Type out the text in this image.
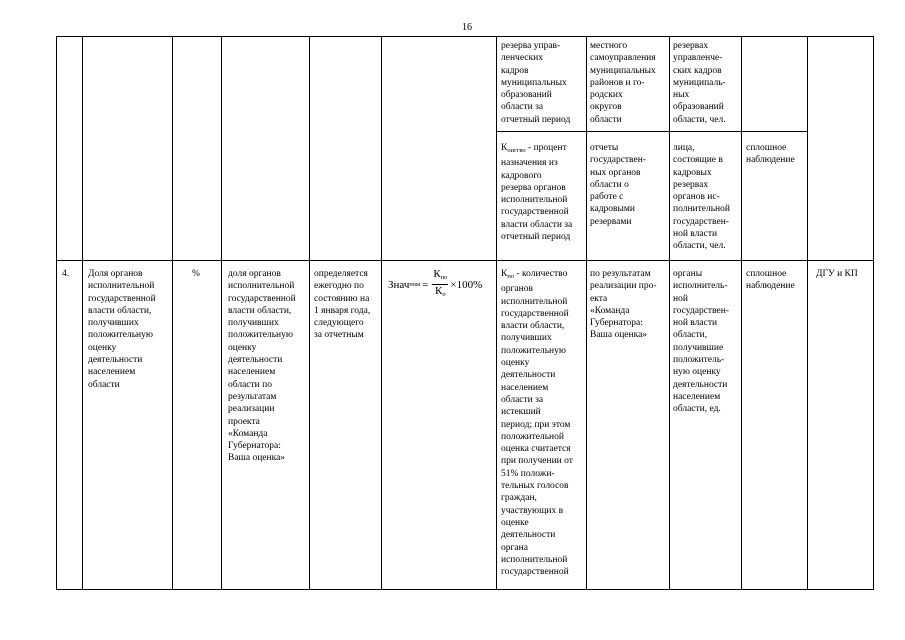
16
резерва управ-
ленческих
кадров
муниципальных
образований
области за
отчетный период
местного
самоуправления
муниципальных
районов и го-
родских
округов
области
резервах
управленче-
ских кадров
муниципаль-
ных
образований
области, чел.
$К_{оиггво}$ - процент
назначения из
кадрового
резерва органов
исполнительной
государственной
власти области за
отчетный период
отчеты
государствен-
ных органов
области о
работе с
кадровыми
резервами
лица,
состоящие в
кадровых
резервах
органов ис-
полнительной
государствен-
ной власти
области, чел.
сплошное
наблюдение
4. Доля органов
исполнительной
государственной
власти области,
получивших
положительную
оценку
деятельности
населением
области
%	доля органов
исполнительной
государственной
власти области,
получивших
положительную
оценку
деятельности
населением
области по
результатам
реализации
проекта
«Команда
Губернатора:
Ваша оценка»
определяется
ежегодно по
состоянию на
1 января года,
следующего
за отчетным
Знач пом = $\frac{К_{по}}{К_о} \times 100\%$
$К_{по}$ - количество
органов
исполнительной
государственной
власти области,
получивших
положительную
оценку
деятельности
населением
области за
истекший
период; при этом
положительной
оценка считается
при получении от
51% положи-
тельных голосов
граждан,
участвующих в
оценке
деятельности
органа
исполнительной
государственной
по результатам
реализации про-
екта
«Команда
Губернатора:
Ваша оценка»
органы
исполнитель-
ной
государствен-
ной власти
области,
получившие
положитель-
ную оценку
деятельности
населением
области, ед.
сплошное
наблюдение
ДГУ и КП
